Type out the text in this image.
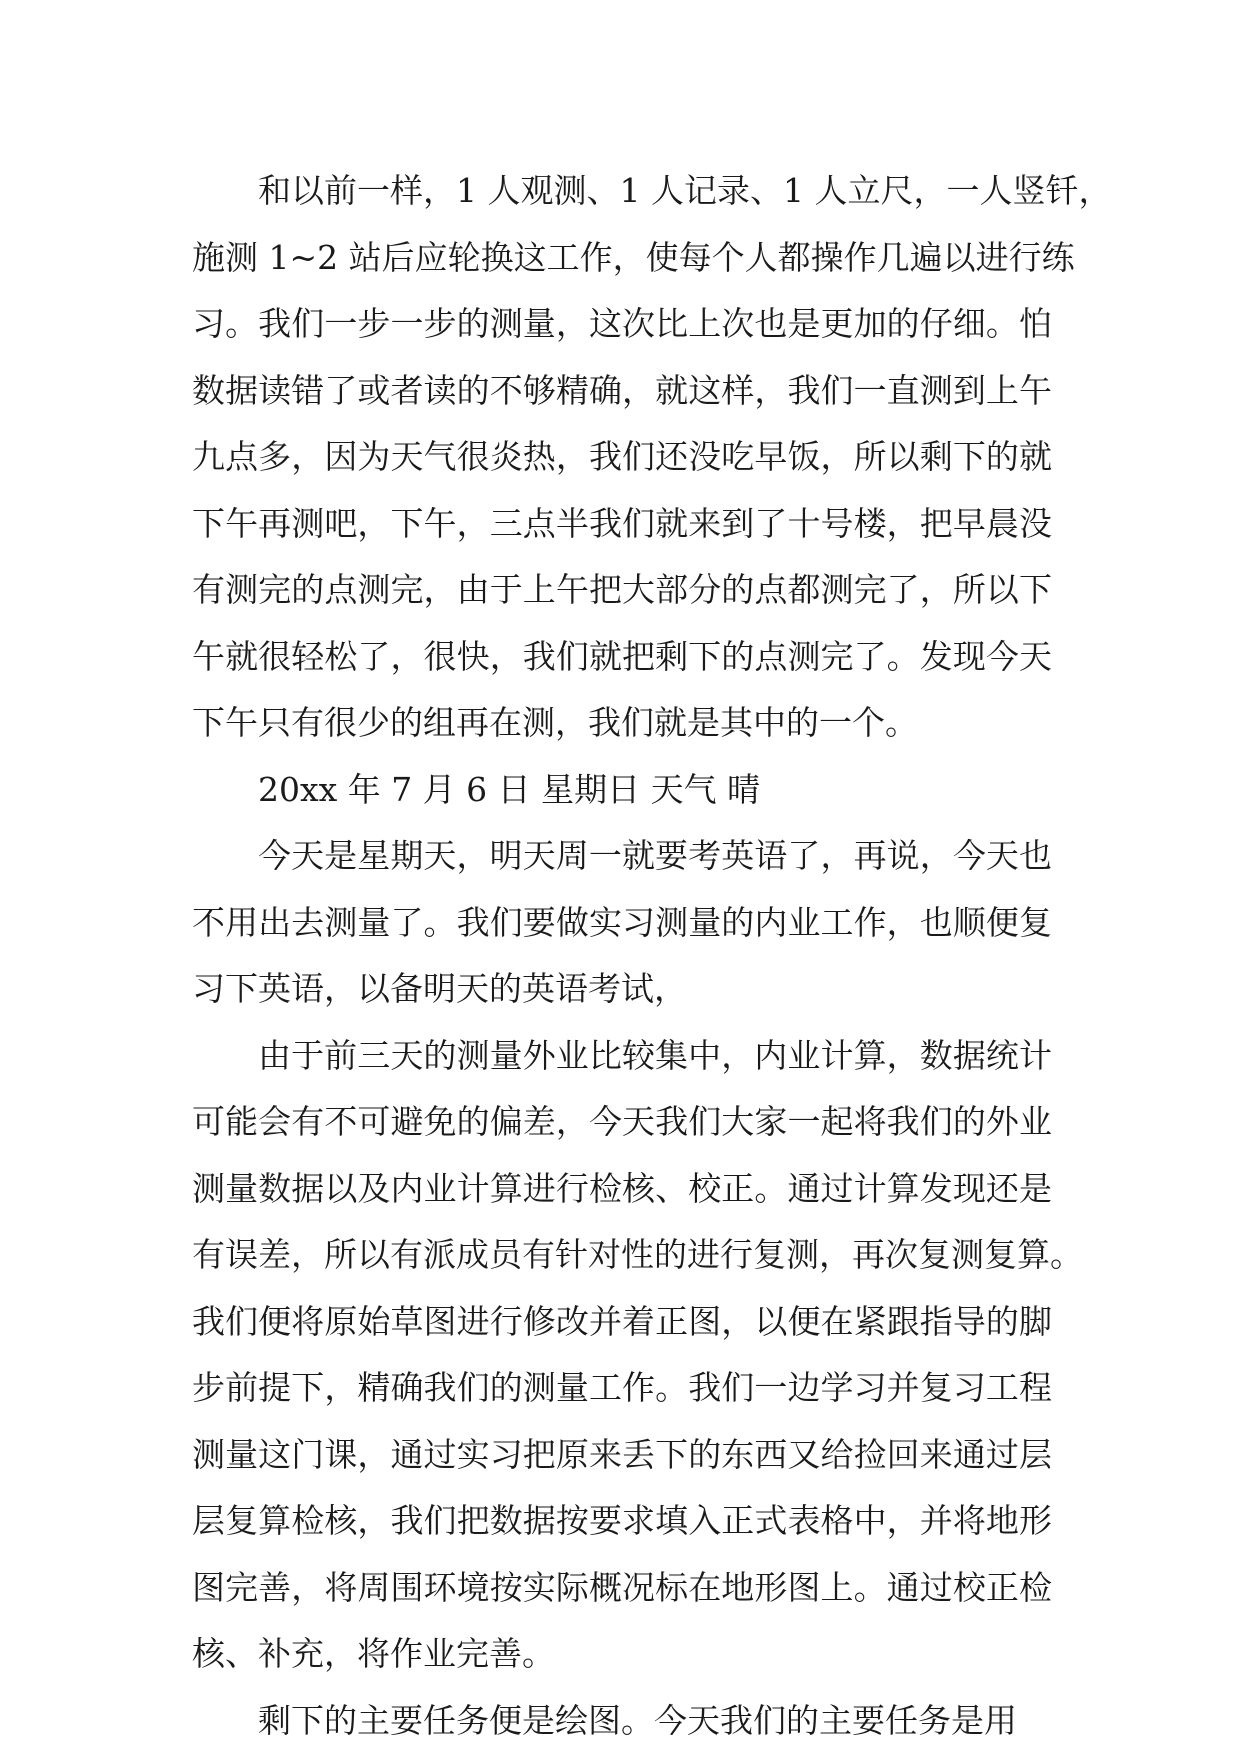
和以前一样，1 人观测、1 人记录、1 人立尺，一人竖钎，
施测 1~2 站后应轮换这工作，使每个人都操作几遍以进行练
习。我们一步一步的测量，这次比上次也是更加的仔细。怕
数据读错了或者读的不够精确，就这样，我们一直测到上午
九点多，因为天气很炎热，我们还没吃早饭，所以剩下的就
下午再测吧，下午，三点半我们就来到了十号楼，把早晨没
有测完的点测完，由于上午把大部分的点都测完了，所以下
午就很轻松了，很快，我们就把剩下的点测完了。发现今天
下午只有很少的组再在测，我们就是其中的一个。
20xx 年 7 月 6 日 星期日 天气 晴
今天是星期天，明天周一就要考英语了，再说，今天也
不用出去测量了。我们要做实习测量的内业工作，也顺便复
习下英语，以备明天的英语考试，
由于前三天的测量外业比较集中，内业计算，数据统计
可能会有不可避免的偏差，今天我们大家一起将我们的外业
测量数据以及内业计算进行检核、校正。通过计算发现还是
有误差，所以有派成员有针对性的进行复测，再次复测复算。
我们便将原始草图进行修改并着正图，以便在紧跟指导的脚
步前提下，精确我们的测量工作。我们一边学习并复习工程
测量这门课，通过实习把原来丢下的东西又给捡回来通过层
层复算检核，我们把数据按要求填入正式表格中，并将地形
图完善，将周围环境按实际概况标在地形图上。通过校正检
核、补充，将作业完善。
剩下的主要任务便是绘图。今天我们的主要任务是用
